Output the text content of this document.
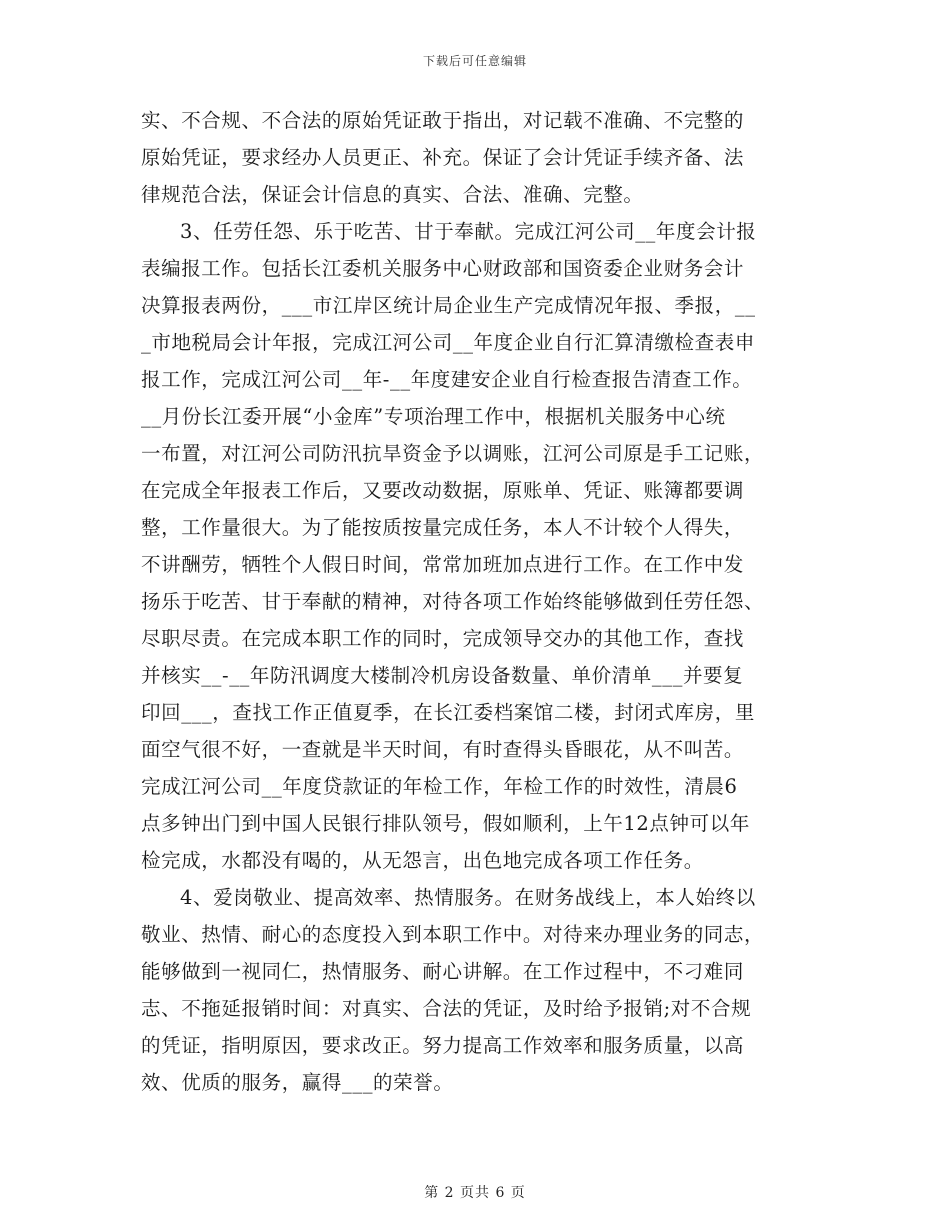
下载后可任意编辑
实、不合规、不合法的原始凭证敢于指出，对记载不准确、不完整的
原始凭证，要求经办人员更正、补充。保证了会计凭证手续齐备、法
律规范合法，保证会计信息的真实、合法、准确、完整。
3、任劳任怨、乐于吃苦、甘于奉献。完成江河公司__年度会计报
表编报工作。包括长江委机关服务中心财政部和国资委企业财务会计
决算报表两份，___市江岸区统计局企业生产完成情况年报、季报，__
_市地税局会计年报，完成江河公司__年度企业自行汇算清缴检查表申
报工作，完成江河公司__年-__年度建安企业自行检查报告清查工作。
__月份长江委开展“小金库”专项治理工作中，根据机关服务中心统
一布置，对江河公司防汛抗旱资金予以调账，江河公司原是手工记账，
在完成全年报表工作后，又要改动数据，原账单、凭证、账簿都要调
整，工作量很大。为了能按质按量完成任务，本人不计较个人得失，
不讲酬劳，牺牲个人假日时间，常常加班加点进行工作。在工作中发
扬乐于吃苦、甘于奉献的精神，对待各项工作始终能够做到任劳任怨、
尽职尽责。在完成本职工作的同时，完成领导交办的其他工作，查找
并核实__-__年防汛调度大楼制冷机房设备数量、单价清单___并要复
印回___，查找工作正值夏季，在长江委档案馆二楼，封闭式库房，里
面空气很不好，一查就是半天时间，有时查得头昏眼花，从不叫苦。
完成江河公司__年度贷款证的年检工作，年检工作的时效性，清晨6
点多钟出门到中国人民银行排队领号，假如顺利，上午12点钟可以年
检完成，水都没有喝的，从无怨言，出色地完成各项工作任务。
4、爱岗敬业、提高效率、热情服务。在财务战线上，本人始终以
敬业、热情、耐心的态度投入到本职工作中。对待来办理业务的同志，
能够做到一视同仁，热情服务、耐心讲解。在工作过程中，不刁难同
志、不拖延报销时间：对真实、合法的凭证，及时给予报销;对不合规
的凭证，指明原因，要求改正。努力提高工作效率和服务质量，以高
效、优质的服务，赢得___的荣誉。
第 2 页共 6 页
